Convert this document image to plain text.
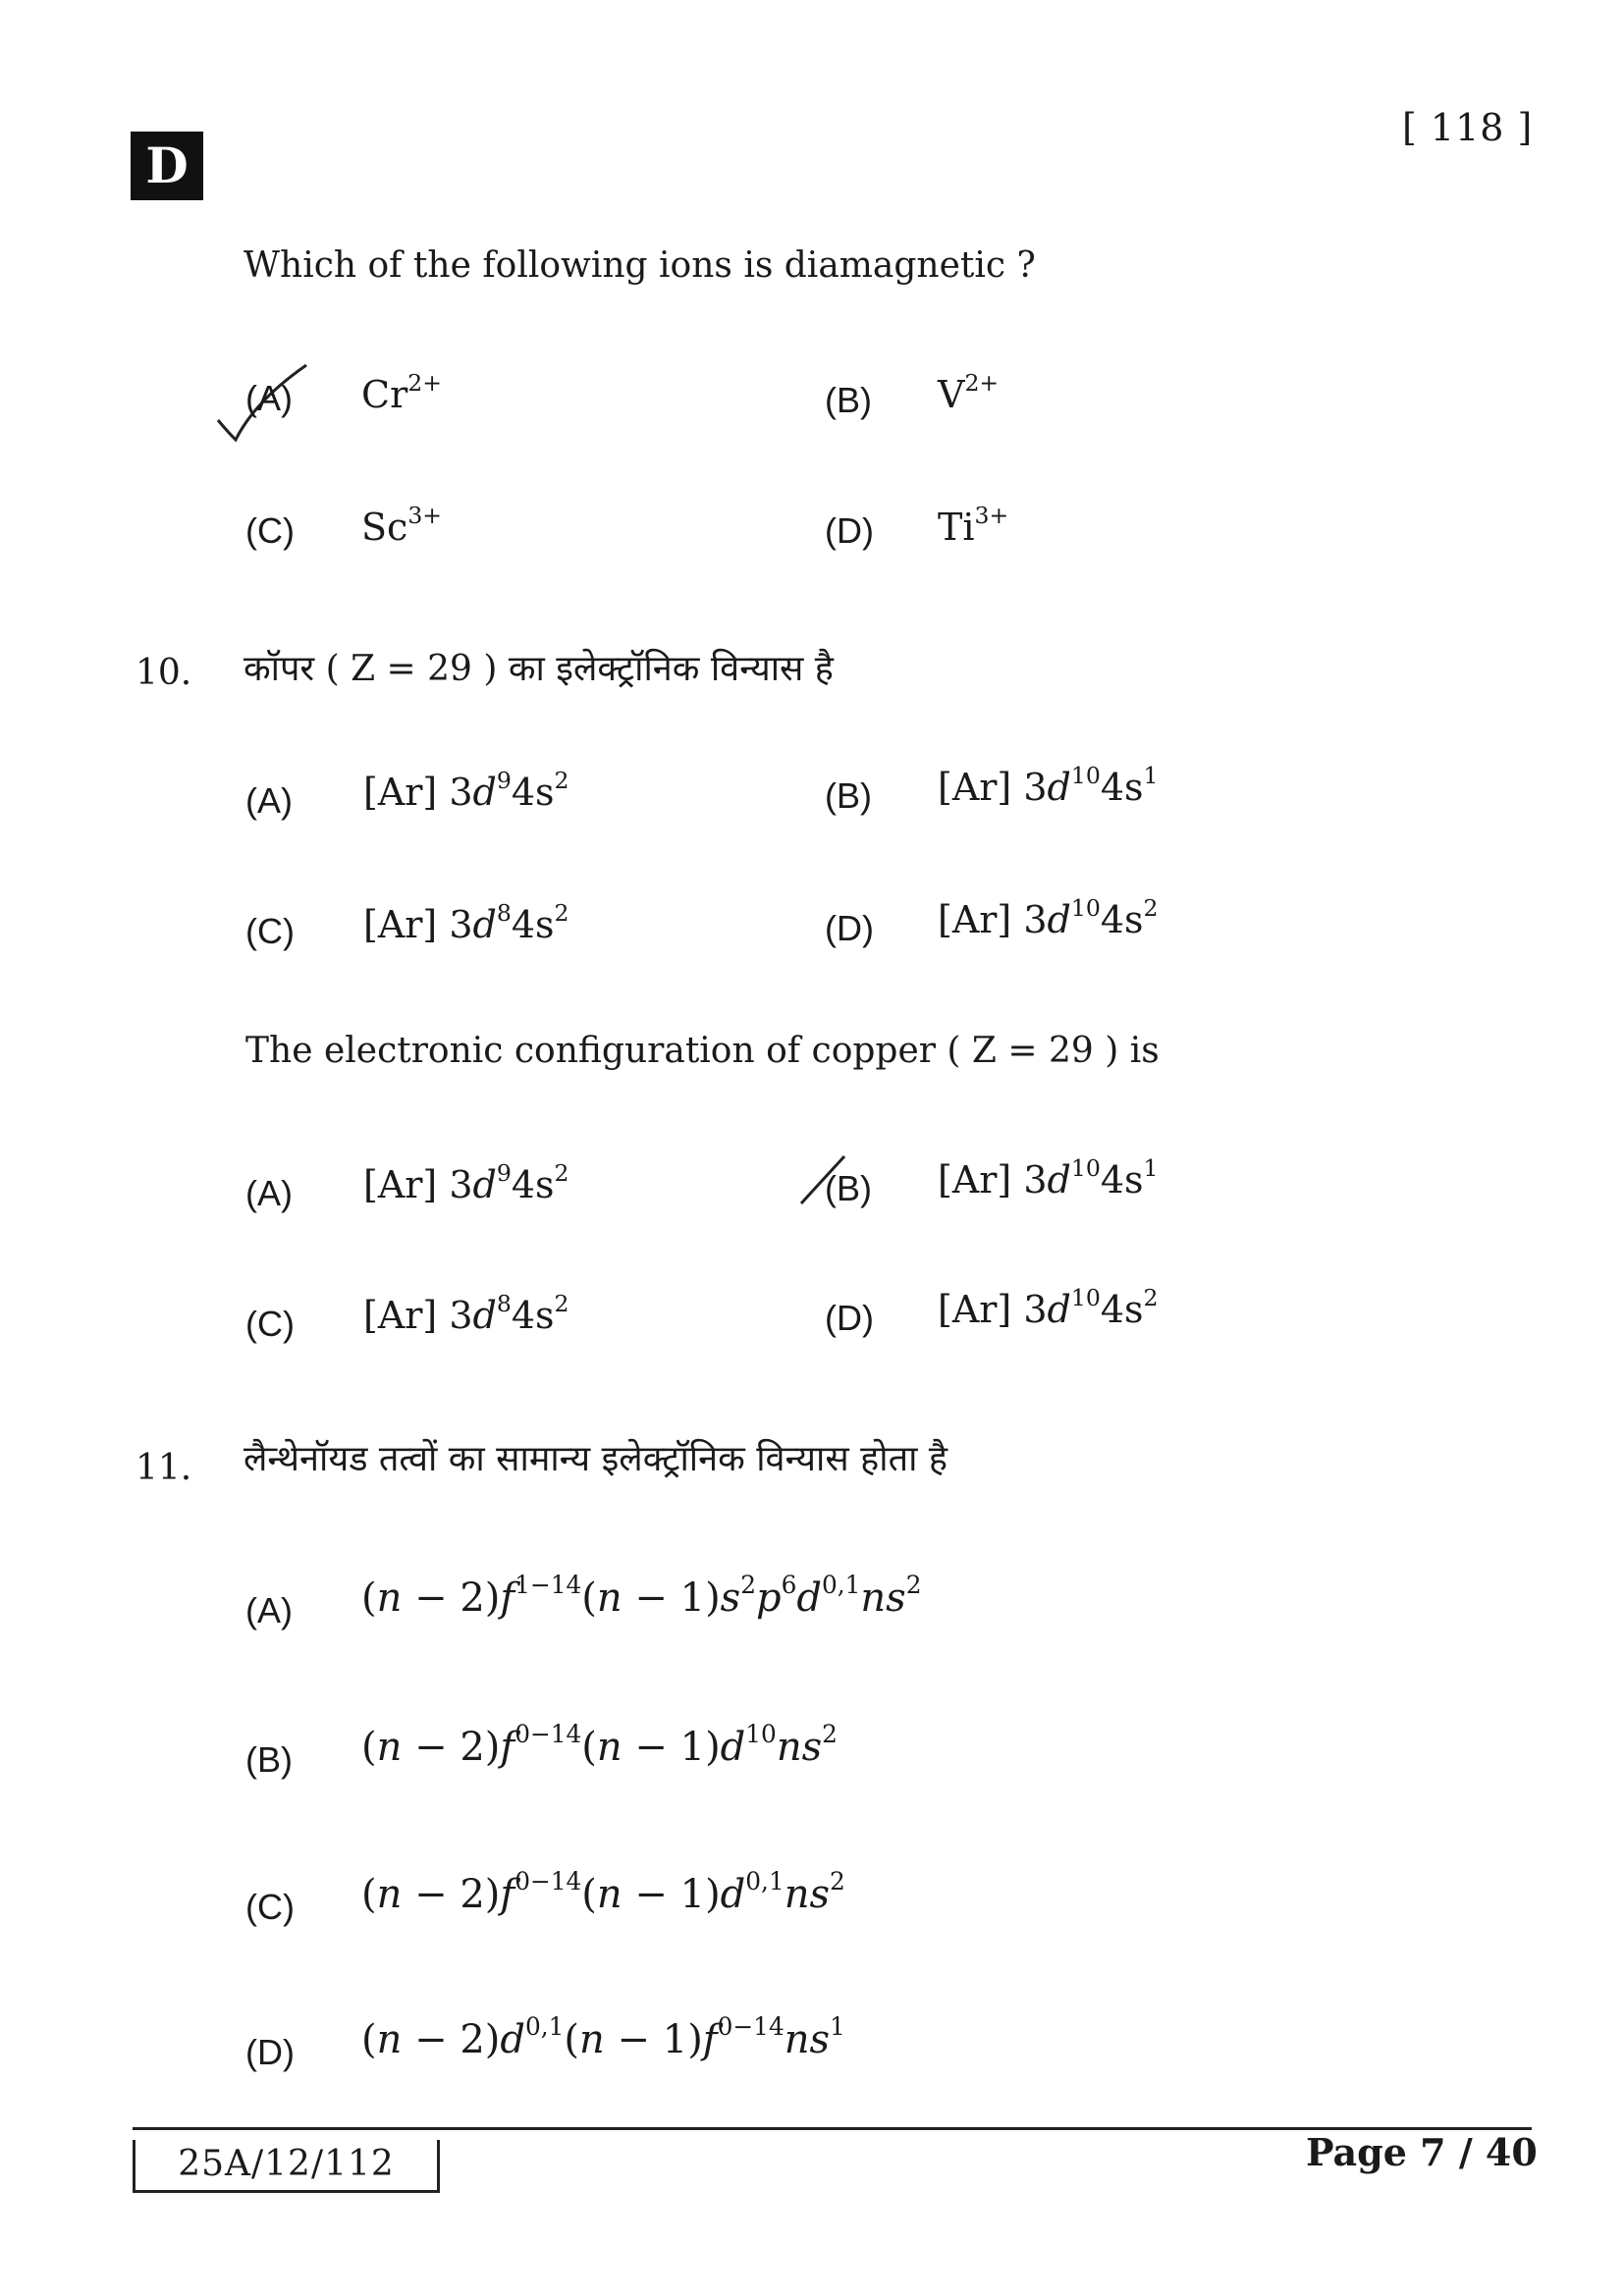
D
[ 118 ]
Which of the following ions is diamagnetic ?
(A) $Cr^{2+}$	(B) $V^{2+}$
(C) $Sc^{3+}$	(D) $Ti^{3+}$
10. कॉपर ( Z = 29 ) का इलेक्ट्रॉनिक विन्यास है
(A) [Ar] $3d^94s^2$	(B) [Ar] $3d^{10}4s^1$
(C) [Ar] $3d^84s^2$	(D) [Ar] $3d^{10}4s^2$
The electronic configuration of copper ( Z = 29 ) is
(A) [Ar] $3d^94s^2$	(B) [Ar] $3d^{10}4s^1$
(C) [Ar] $3d^84s^2$	(D) [Ar] $3d^{10}4s^2$
11. लैन्थेनॉयड तत्वों का सामान्य इलेक्ट्रॉनिक विन्यास होता है
(A) $(n - 2)f^{1-14}(n - 1)s^2p^6d^{0,1}ns^2$
(B) $(n - 2)f^{0-14}(n - 1)d^{10}ns^2$
(C) $(n - 2)f^{0-14}(n - 1)d^{0,1}ns^2$
(D) $(n - 2)d^{0,1}(n - 1)f^{0-14}ns^1$
25A/12/112	Page 7 / 40
